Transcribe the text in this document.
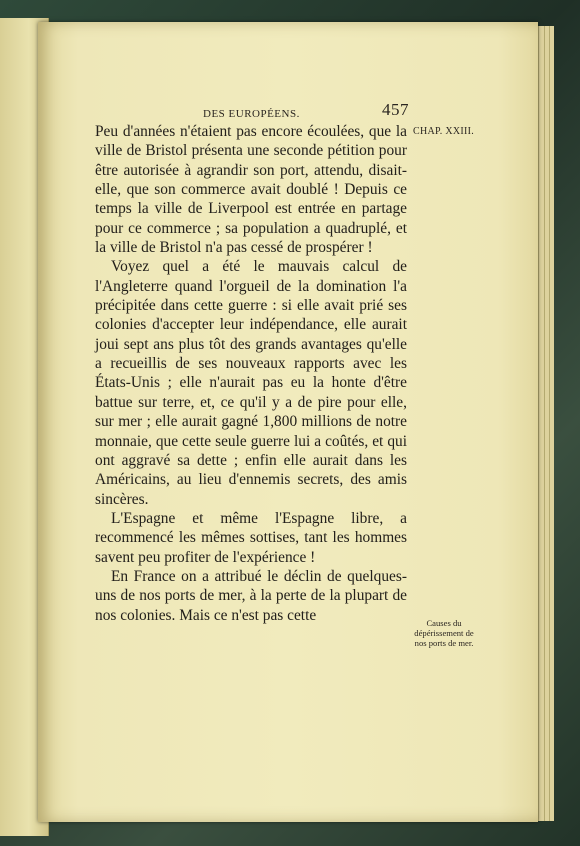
DES EUROPÉENS.	457
CHAP. XXIII.

Peu d'années n'étaient pas encore écoulées, que la ville de Bristol présenta une seconde pétition pour être autorisée à agrandir son port, attendu, disait-elle, que son commerce avait doublé ! Depuis ce temps la ville de Liverpool est entrée en partage pour ce commerce ; sa population a quadruplé, et la ville de Bristol n'a pas cessé de prospérer !

Voyez quel a été le mauvais calcul de l'Angleterre quand l'orgueil de la domination l'a précipitée dans cette guerre : si elle avait prié ses colonies d'accepter leur indépendance, elle aurait joui sept ans plus tôt des grands avantages qu'elle a recueillis de ses nouveaux rapports avec les États-Unis ; elle n'aurait pas eu la honte d'être battue sur terre, et, ce qu'il y a de pire pour elle, sur mer ; elle aurait gagné 1,800 millions de notre monnaie, que cette seule guerre lui a coûtés, et qui ont aggravé sa dette ; enfin elle aurait dans les Américains, au lieu d'ennemis secrets, des amis sincères.

L'Espagne et même l'Espagne libre, a recommencé les mêmes sottises, tant les hommes savent peu profiter de l'expérience !

En France on a attribué le déclin de quelques-uns de nos ports de mer, à la perte de la plupart de nos colonies. Mais ce n'est pas cette	Causes du dépérissement de nos ports de mer.
